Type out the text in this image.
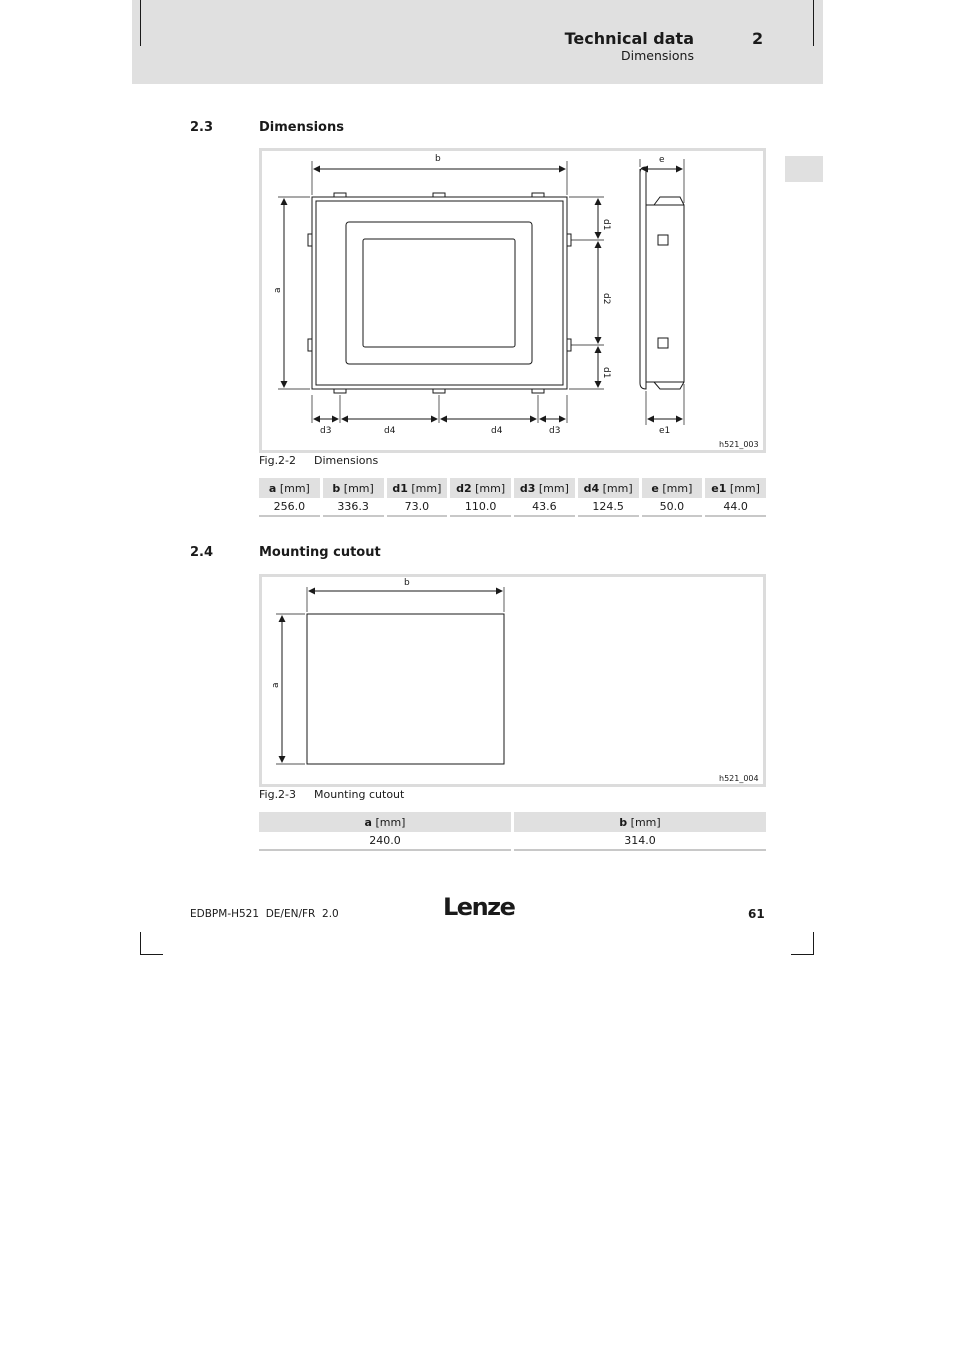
Technical data
Dimensions
2
2.3	Dimensions
b
a
d1
d2
d1
d3	d4	d4	d3
e
e1
h521_003
Fig.2-2 Dimensions
a [mm]	b [mm]	d1 [mm]	d2 [mm]	d3 [mm]	d4 [mm]	e [mm]	e1 [mm]
256.0	336.3	73.0	110.0	43.6	124.5	50.0	44.0
2.4	Mounting cutout
b
a
h521_004
Fig.2-3 Mounting cutout
a [mm]	b [mm]
240.0	314.0
EDBPM-H521  DE/EN/FR  2.0	Lenze	61
